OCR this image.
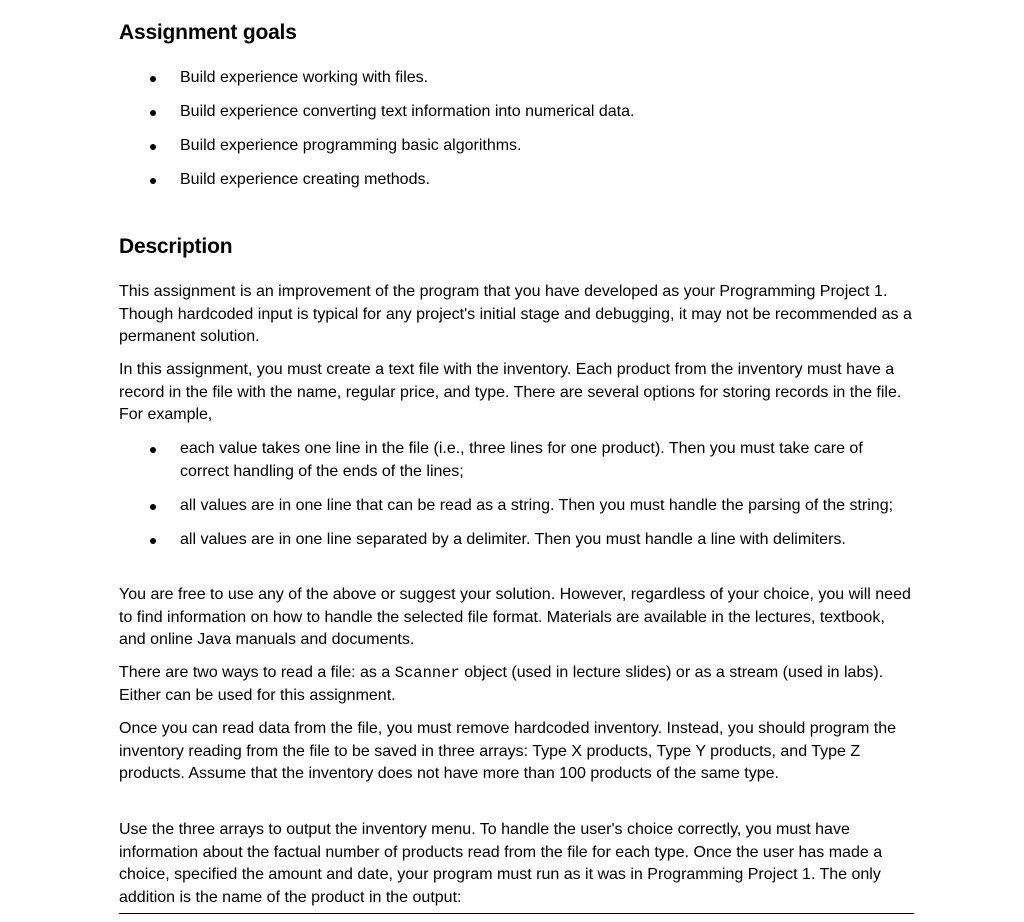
Assignment goals
Build experience working with files.
Build experience converting text information into numerical data.
Build experience programming basic algorithms.
Build experience creating methods.
Description

This assignment is an improvement of the program that you have developed as your Programming Project 1. Though hardcoded input is typical for any project's initial stage and debugging, it may not be recommended as a permanent solution.

In this assignment, you must create a text file with the inventory. Each product from the inventory must have a record in the file with the name, regular price, and type. There are several options for storing records in the file. For example,

each value takes one line in the file (i.e., three lines for one product). Then you must take care of correct handling of the ends of the lines;
all values are in one line that can be read as a string. Then you must handle the parsing of the string;
all values are in one line separated by a delimiter. Then you must handle a line with delimiters.

You are free to use any of the above or suggest your solution. However, regardless of your choice, you will need to find information on how to handle the selected file format. Materials are available in the lectures, textbook, and online Java manuals and documents.

There are two ways to read a file: as a Scanner object (used in lecture slides) or as a stream (used in labs). Either can be used for this assignment.

Once you can read data from the file, you must remove hardcoded inventory. Instead, you should program the inventory reading from the file to be saved in three arrays: Type X products, Type Y products, and Type Z products. Assume that the inventory does not have more than 100 products of the same type.

Use the three arrays to output the inventory menu. To handle the user's choice correctly, you must have information about the factual number of products read from the file for each type. Once the user has made a choice, specified the amount and date, your program must run as it was in Programming Project 1. The only addition is the name of the product in the output:
